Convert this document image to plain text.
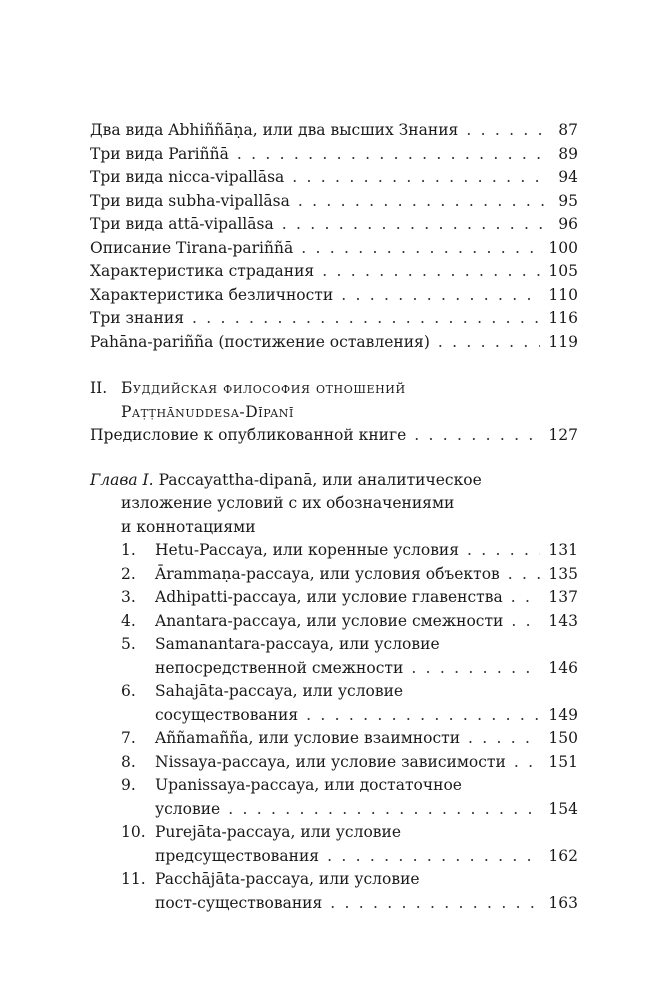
Два вида Abhiññāṇa, или два высших Знания . . .	87
Три вида Pariññā . . .	89
Три вида nicca-vipallāsa . . .	94
Три вида subha-vipallāsa . . .	95
Три вида attā-vipallāsa . . .	96
Описание Tirana-pariññā . . .	100
Характеристика страдания . . .	105
Характеристика безличности . . .	110
Три знания . . .	116
Pahāna-pariñña (постижение оставления) . . .	119
II. Буддийская философия отношений
Paṭṭhānuddesa-Dīpanī
Предисловие к опубликованной книге . . .	127
Глава I. Paccayattha-dipanā, или аналитическое
изложение условий с их обозначениями
и коннотациями
1. Hetu-Paccaya, или коренные условия . . .	131
2. Ārammaṇa-paccaya, или условия объектов . . .	135
3. Adhipatti-paccaya, или условие главенства . . .	137
4. Anantara-paccaya, или условие смежности . . .	143
5. Samanantara-paccaya, или условие
непосредственной смежности . . .	146
6. Sahajāta-paccaya, или условие
сосуществования . . .	149
7. Aññamañña, или условие взаимности . . .	150
8. Nissaya-paccaya, или условие зависимости . . .	151
9. Upanissaya-paccaya, или достаточное
условие . . .	154
10. Purejāta-paccaya, или условие
предсуществования . . .	162
11. Pacchājāta-paccaya, или условие
пост-существования . . .	163
